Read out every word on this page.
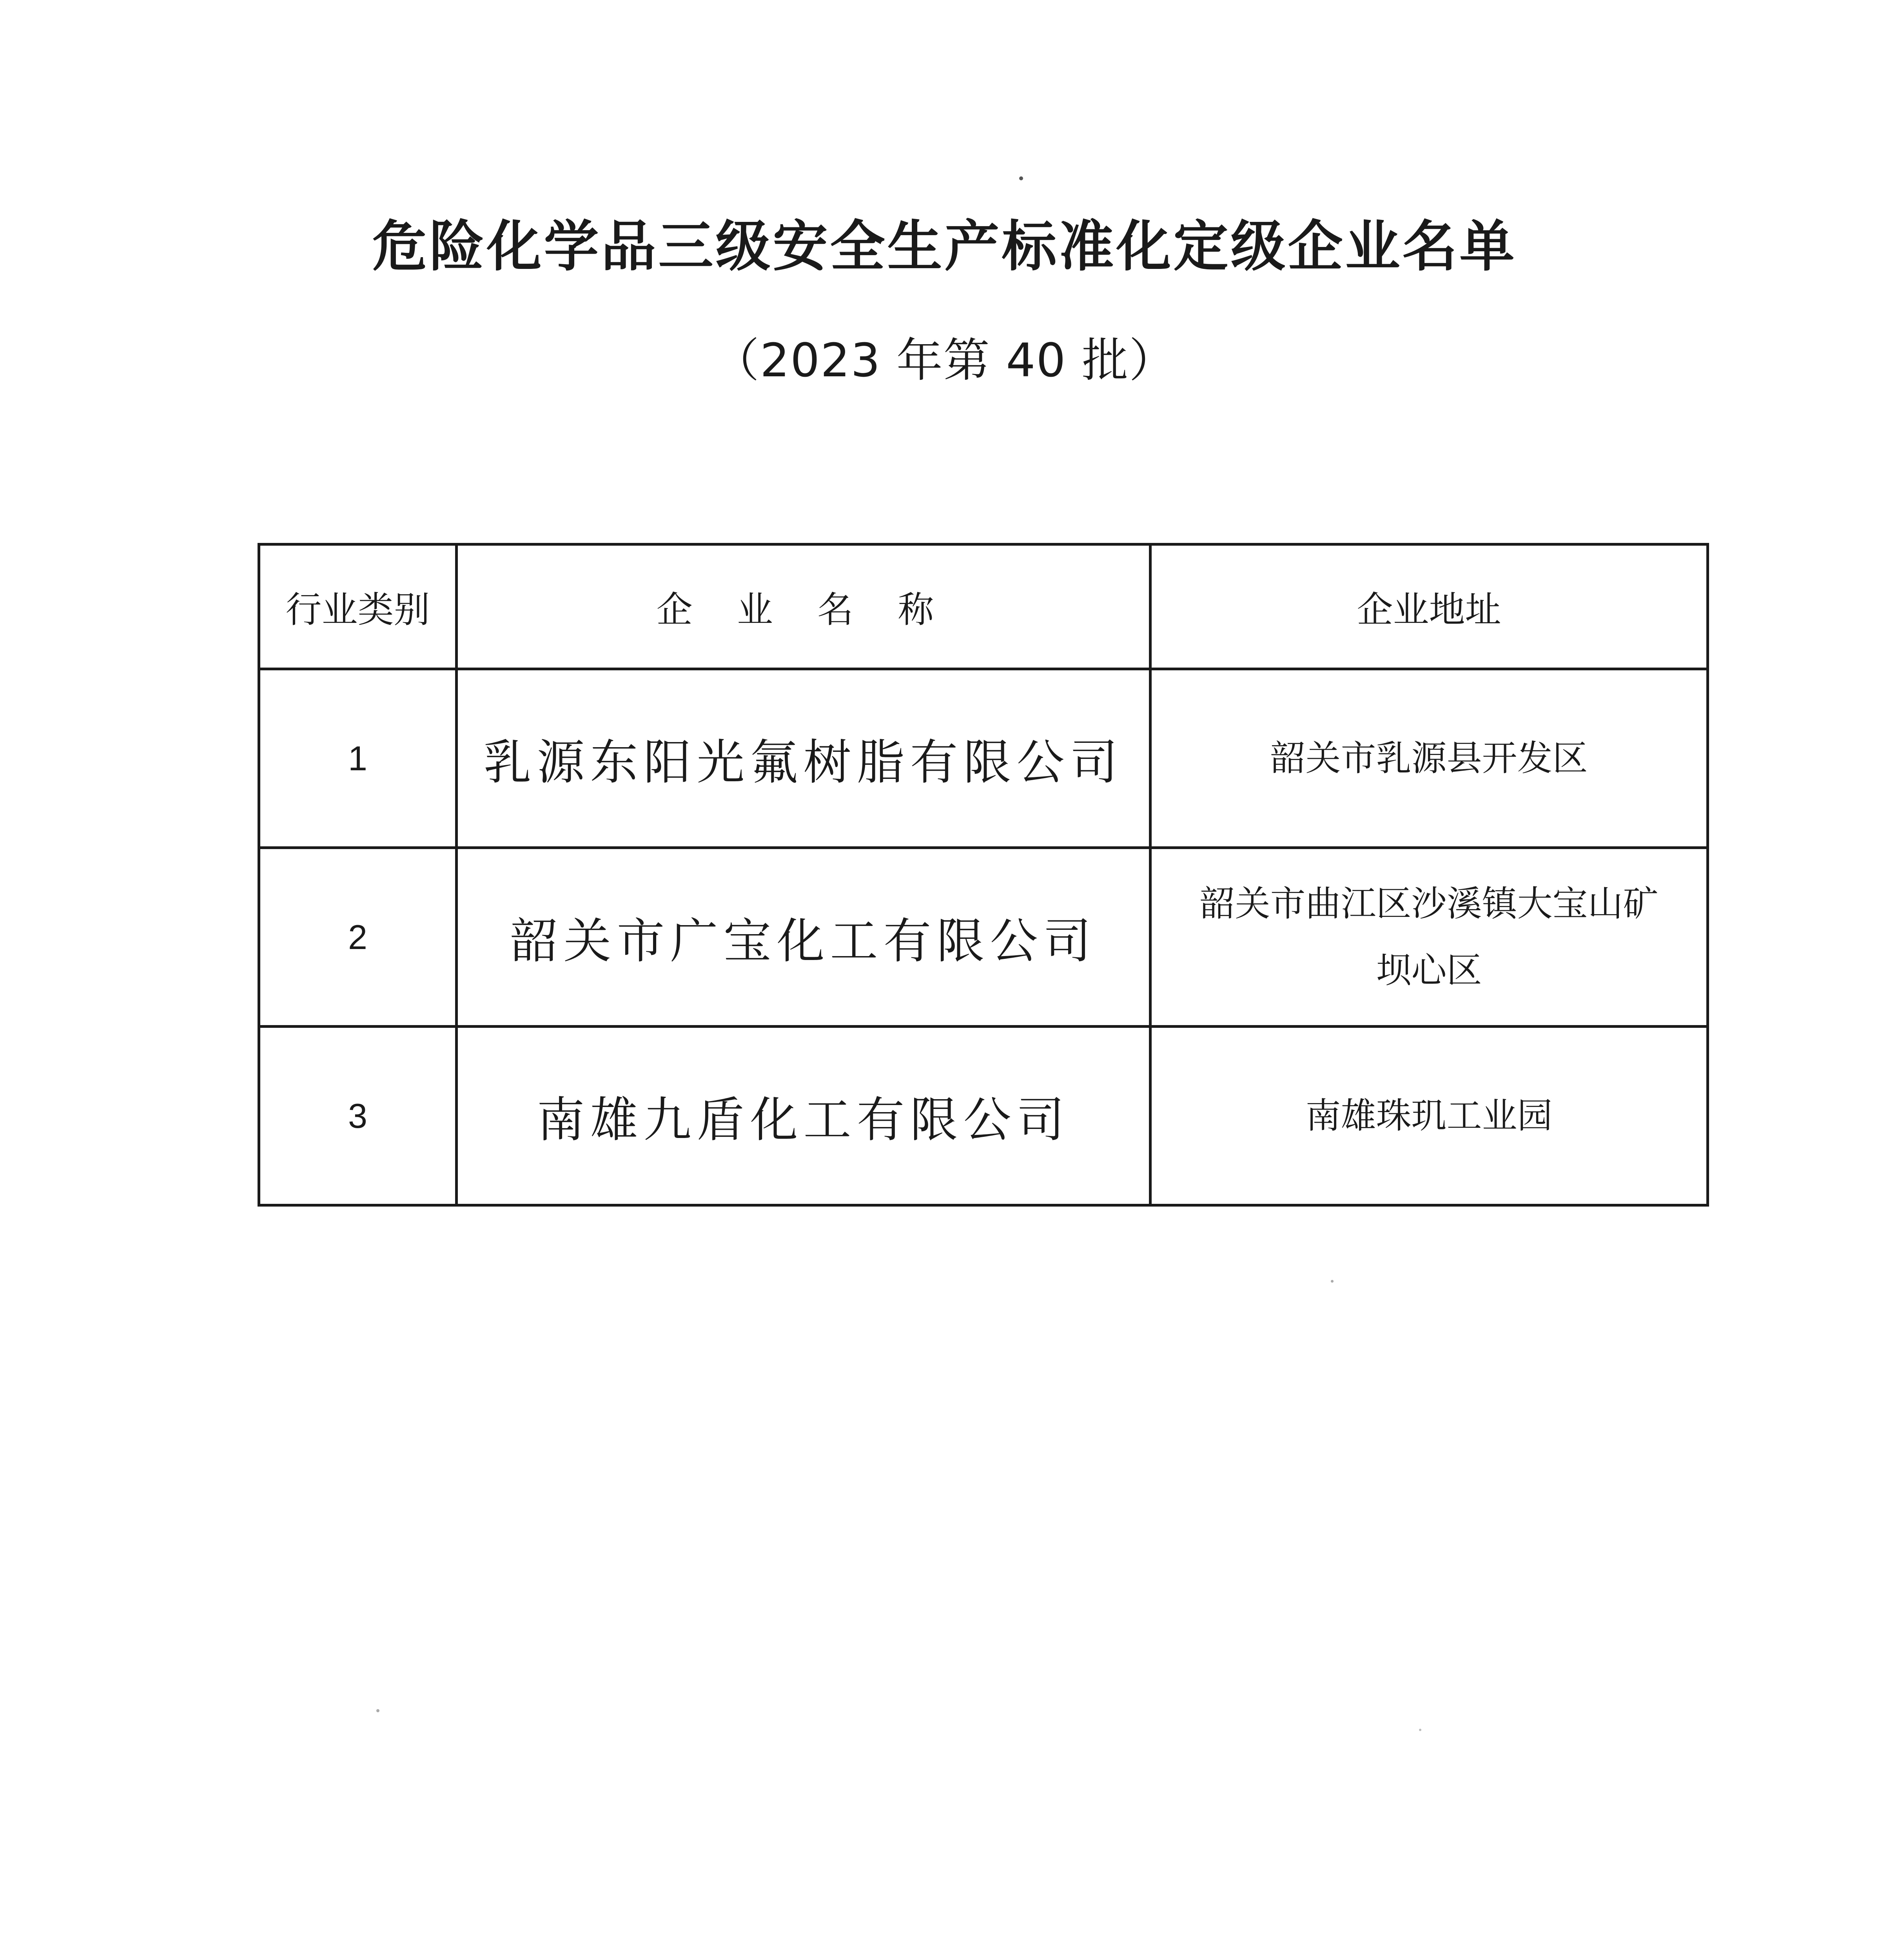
危险化学品三级安全生产标准化定级企业名单
（2023 年第 40 批）
行业类别	企 业 名 称	企业地址
1	乳源东阳光氟树脂有限公司	韶关市乳源县开发区

2	韶关市广宝化工有限公司	韶关市曲江区沙溪镇大宝山矿
坝心区

3	南雄九盾化工有限公司	南雄珠玑工业园
